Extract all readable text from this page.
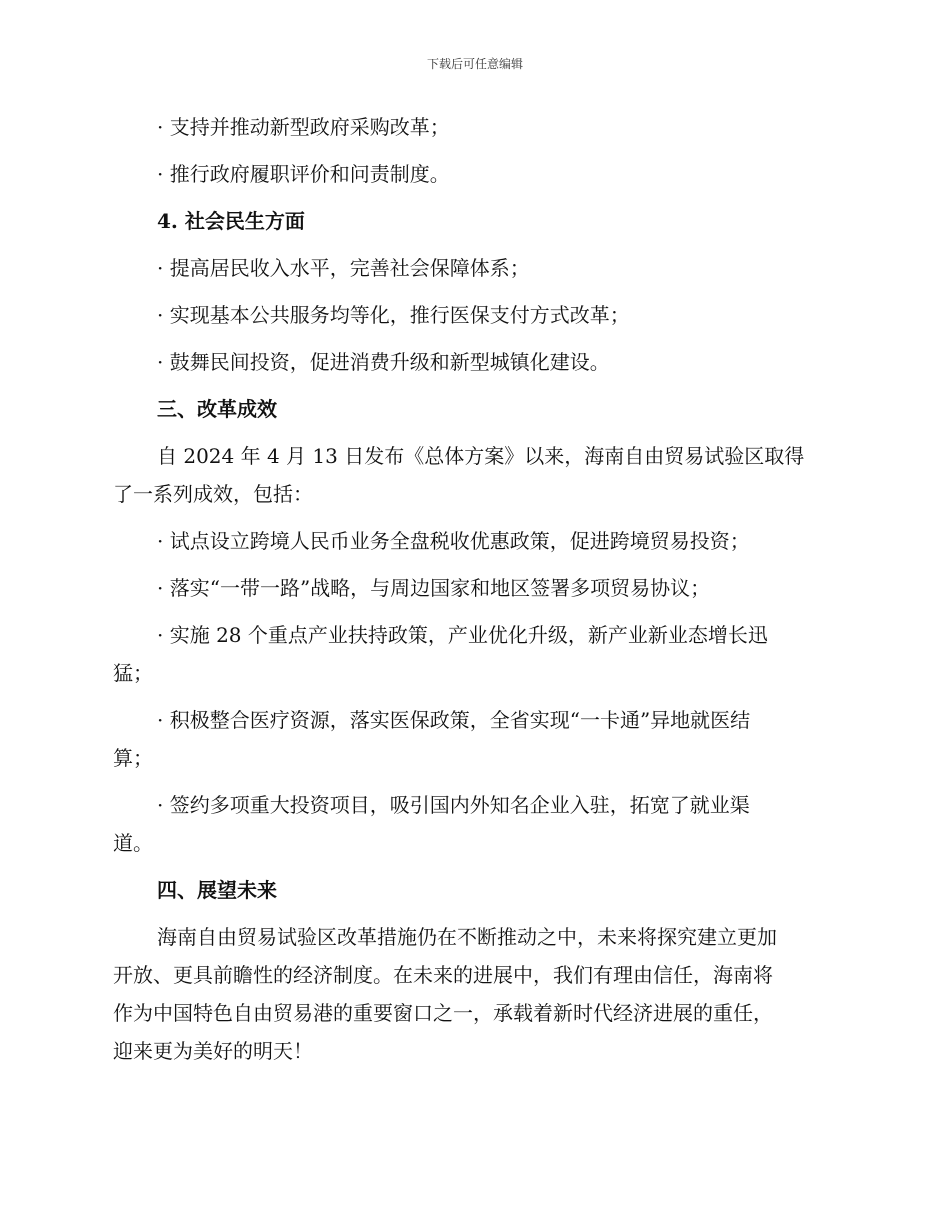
下载后可任意编辑

· 支持并推动新型政府采购改革；

· 推行政府履职评价和问责制度。

4. 社会民生方面

· 提高居民收入水平，完善社会保障体系；

· 实现基本公共服务均等化，推行医保支付方式改革；

· 鼓舞民间投资，促进消费升级和新型城镇化建设。

三、改革成效

自 2024 年 4 月 13 日发布《总体方案》以来，海南自由贸易试验区取得
了一系列成效，包括：
· 试点设立跨境人民币业务全盘税收优惠政策，促进跨境贸易投资；
· 落实“一带一路”战略，与周边国家和地区签署多项贸易协议；
· 实施 28 个重点产业扶持政策，产业优化升级，新产业新业态增长迅
猛；
· 积极整合医疗资源，落实医保政策，全省实现“一卡通”异地就医结
算；
· 签约多项重大投资项目，吸引国内外知名企业入驻，拓宽了就业渠
道。

四、展望未来

海南自由贸易试验区改革措施仍在不断推动之中，未来将探究建立更加
开放、更具前瞻性的经济制度。在未来的进展中，我们有理由信任，海南将
作为中国特色自由贸易港的重要窗口之一，承载着新时代经济进展的重任，
迎来更为美好的明天！
